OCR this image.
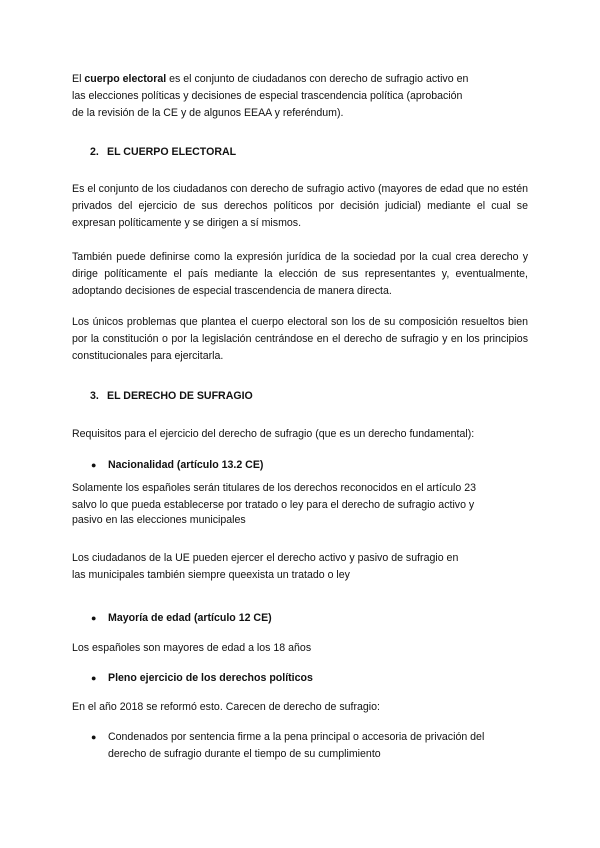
El cuerpo electoral es el conjunto de ciudadanos con derecho de sufragio activo en

las elecciones políticas y decisiones de especial trascendencia política (aprobación

de la revisión de la CE y de algunos EEAA y referéndum).

2. EL CUERPO ELECTORAL

Es el conjunto de los ciudadanos con derecho de sufragio activo (mayores de edad que no estén privados del ejercicio de sus derechos políticos por decisión judicial) mediante el cual se expresan políticamente y se dirigen a sí mismos.

También puede definirse como la expresión jurídica de la sociedad por la cual crea derecho y dirige políticamente el país mediante la elección de sus representantes y, eventualmente, adoptando decisiones de especial trascendencia de manera directa.

Los únicos problemas que plantea el cuerpo electoral son los de su composición resueltos bien por la constitución o por la legislación centrándose en el derecho de sufragio y en los principios constitucionales para ejercitarla.

3. EL DERECHO DE SUFRAGIO

Requisitos para el ejercicio del derecho de sufragio (que es un derecho fundamental):

● Nacionalidad (artículo 13.2 CE)

Solamente los españoles serán titulares de los derechos reconocidos en el artículo 23

salvo lo que pueda establecerse por tratado o ley para el derecho de sufragio activo y

pasivo en las elecciones municipales

Los ciudadanos de la UE pueden ejercer el derecho activo y pasivo de sufragio en

las municipales también siempre queexista un tratado o ley

● Mayoría de edad (artículo 12 CE)

Los españoles son mayores de edad a los 18 años

● Pleno ejercicio de los derechos políticos

En el año 2018 se reformó esto. Carecen de derecho de sufragio:

● Condenados por sentencia firme a la pena principal o accesoria de privación del
derecho de sufragio durante el tiempo de su cumplimiento
